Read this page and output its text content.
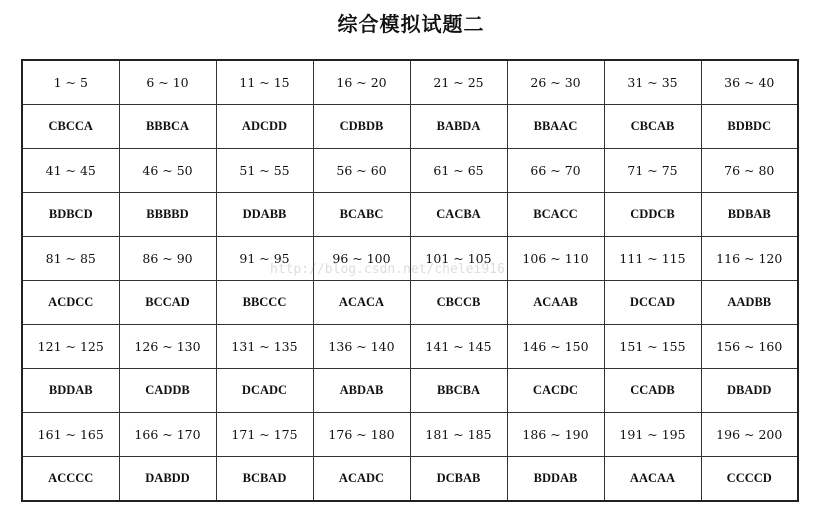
综合模拟试题二
1 ~ 5	6 ~ 10	11 ~ 15	16 ~ 20	21 ~ 25	26 ~ 30	31 ~ 35	36 ~ 40
CBCCA	BBBCA	ADCDD	CDBDB	BABDA	BBAAC	CBCAB	BDBDC
41 ~ 45	46 ~ 50	51 ~ 55	56 ~ 60	61 ~ 65	66 ~ 70	71 ~ 75	76 ~ 80
BDBCD	BBBBD	DDABB	BCABC	CACBA	BCACC	CDDCB	BDBAB
81 ~ 85	86 ~ 90	91 ~ 95	96 ~ 100	101 ~ 105	106 ~ 110	111 ~ 115	116 ~ 120
ACDCC	BCCAD	BBCCC	ACACA	CBCCB	ACAAB	DCCAD	AADBB
121 ~ 125	126 ~ 130	131 ~ 135	136 ~ 140	141 ~ 145	146 ~ 150	151 ~ 155	156 ~ 160
BDDAB	CADDB	DCADC	ABDAB	BBCBA	CACDC	CCADB	DBADD
161 ~ 165	166 ~ 170	171 ~ 175	176 ~ 180	181 ~ 185	186 ~ 190	191 ~ 195	196 ~ 200
ACCCC	DABDD	BCBAD	ACADC	DCBAB	BDDAB	AACAA	CCCCD
http://blog.csdn.net/chelei916
